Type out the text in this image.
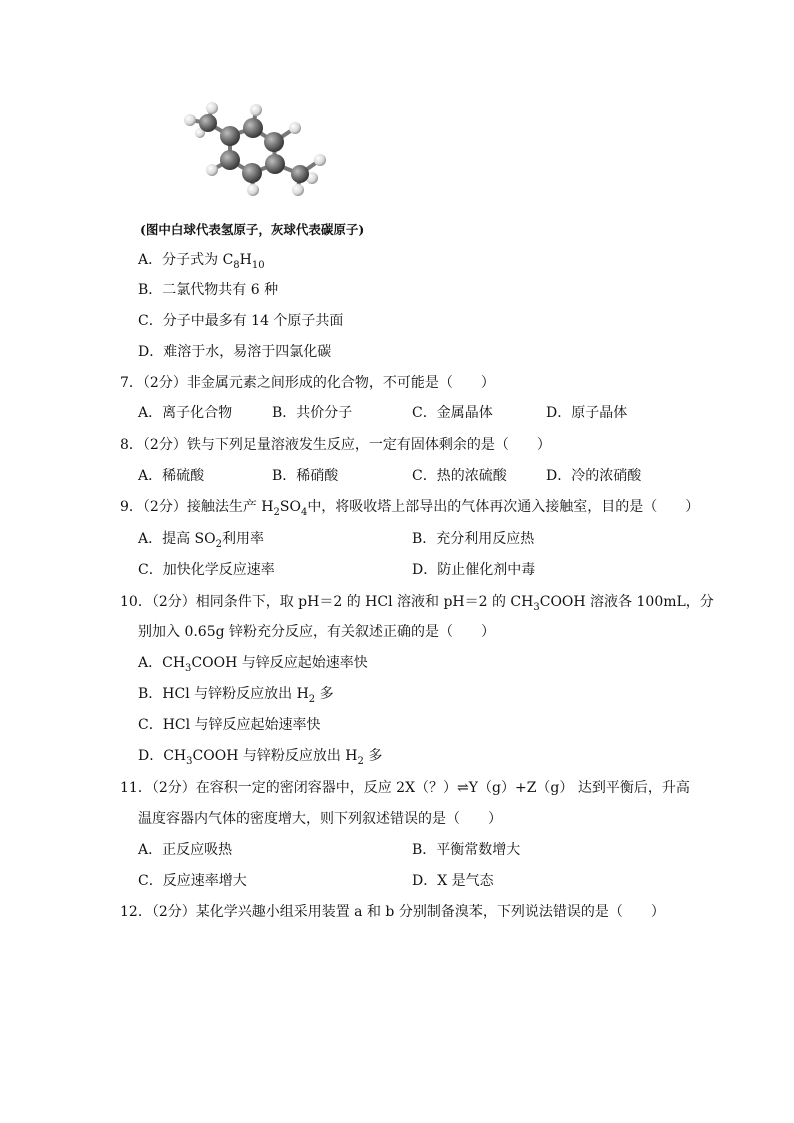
(图中白球代表氢原子，灰球代表碳原子)
A．分子式为 $C_8H_{10}$
B．二氯代物共有 6 种
C．分子中最多有 14 个原子共面
D．难溶于水，易溶于四氯化碳
7．（2分）非金属元素之间形成的化合物，不可能是（　　）
A．离子化合物	B．共价分子	C．金属晶体	D．原子晶体
8．（2分）铁与下列足量溶液发生反应，一定有固体剩余的是（　　）
A．稀硫酸	B．稀硝酸	C．热的浓硫酸	D．冷的浓硝酸
9．（2分）接触法生产 $H_2SO_4$中，将吸收塔上部导出的气体再次通入接触室，目的是（　　）
A．提高 $SO_2$利用率	B．充分利用反应热
C．加快化学反应速率	D．防止催化剂中毒
10．（2分）相同条件下，取 pH＝2 的 HCl 溶液和 pH＝2 的 $CH_3COOH$ 溶液各 100mL，分
别加入 0.65g 锌粉充分反应，有关叙述正确的是（　　）
A．$CH_3COOH$ 与锌反应起始速率快
B．HCl 与锌粉反应放出 $H_2$ 多
C．HCl 与锌反应起始速率快
D．$CH_3COOH$ 与锌粉反应放出 $H_2$ 多
11．（2分）在容积一定的密闭容器中，反应 2X（？）⇌Y（g）+Z（g） 达到平衡后，升高
温度容器内气体的密度增大，则下列叙述错误的是（　　）
A．正反应吸热	B．平衡常数增大
C．反应速率增大	D．X 是气态
12．（2分）某化学兴趣小组采用装置 a 和 b 分别制备溴苯，下列说法错误的是（　　）
